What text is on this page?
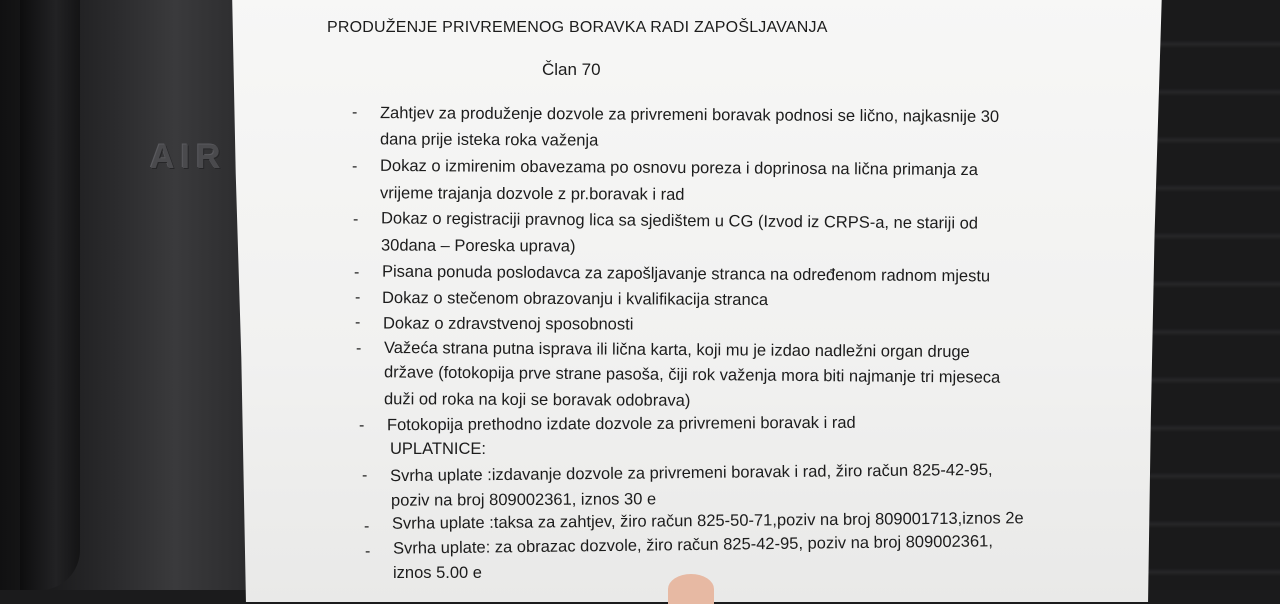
AIR
PRODUŽENJE PRIVREMENOG BORAVKA RADI ZAPOŠLJAVANJA
Član 70
- Zahtjev za produženje dozvole za privremeni boravak podnosi se lično, najkasnije 30
dana prije isteka roka važenja
- Dokaz o izmirenim obavezama po osnovu poreza i doprinosa na lična primanja za
vrijeme trajanja dozvole z pr.boravak i rad
- Dokaz o registraciji pravnog lica sa sjedištem u CG (Izvod iz CRPS-a, ne stariji od
30dana – Poreska uprava)
- Pisana ponuda poslodavca za zapošljavanje stranca na određenom radnom mjestu
- Dokaz o stečenom obrazovanju i kvalifikacija stranca
- Dokaz o zdravstvenoj sposobnosti
- Važeća strana putna isprava ili lična karta, koji mu je izdao nadležni organ druge
države (fotokopija prve strane pasoša, čiji rok važenja mora biti najmanje tri mjeseca
duži od roka na koji se boravak odobrava)
- Fotokopija prethodno izdate dozvole za privremeni boravak i rad
UPLATNICE:
- Svrha uplate :izdavanje dozvole za privremeni boravak i rad, žiro račun 825-42-95,
poziv na broj 809002361, iznos 30 e
- Svrha uplate :taksa za zahtjev, žiro račun 825-50-71,poziv na broj 809001713,iznos 2e
- Svrha uplate: za obrazac dozvole, žiro račun 825-42-95, poziv na broj 809002361,
iznos 5.00 e
